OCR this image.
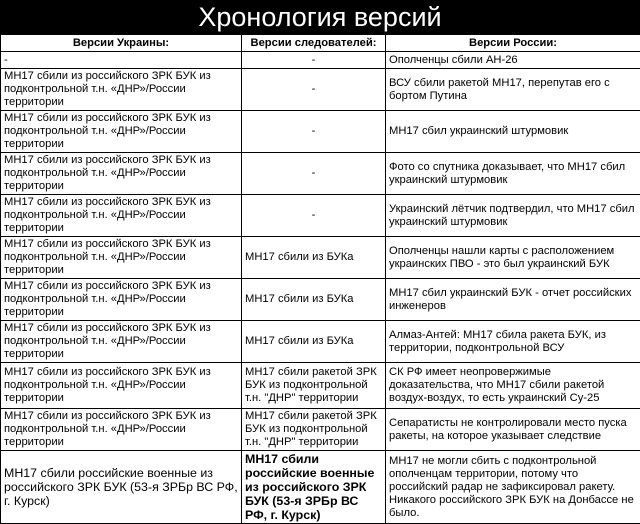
Хронология версий
Версии Украины:	Версии следователей:	Версии России:
-	-	Ополченцы сбили АН-26
MH17 сбили из российского ЗРК БУК из подконтрольной т.н. «ДНР»/России территории	-	ВСУ сбили ракетой MH17, перепутав его с бортом Путина
MH17 сбили из российского ЗРК БУК из подконтрольной т.н. «ДНР»/России территории	-	MH17 сбил украинский штурмовик
MH17 сбили из российского ЗРК БУК из подконтрольной т.н. «ДНР»/России территории	-	Фото со спутника доказывает, что MH17 сбил украинский штурмовик
MH17 сбили из российского ЗРК БУК из подконтрольной т.н. «ДНР»/России территории	-	Украинский лётчик подтвердил, что MH17 сбил украинский штурмовик
MH17 сбили из российского ЗРК БУК из подконтрольной т.н. «ДНР»/России территории	MH17 сбили из БУКа	Ополченцы нашли карты с расположением украинских ПВО - это был украинский БУК
MH17 сбили из российского ЗРК БУК из подконтрольной т.н. «ДНР»/России территории	MH17 сбили из БУКа	MH17 сбил украинский БУК - отчет российских инженеров
MH17 сбили из российского ЗРК БУК из подконтрольной т.н. «ДНР»/России территории	MH17 сбили из БУКа	Алмаз-Антей: MH17 сбила ракета БУК, из территории, подконтрольной ВСУ
MH17 сбили из российского ЗРК БУК из подконтрольной т.н. «ДНР»/России территории	MH17 сбили ракетой ЗРК БУК из подконтрольной т.н. "ДНР" территории	СК РФ имеет неопровержимые доказательства, что MH17 сбили ракетой воздух-воздух, то есть украинский Су-25
MH17 сбили из российского ЗРК БУК из подконтрольной т.н. «ДНР»/России территории	MH17 сбили ракетой ЗРК БУК из подконтрольной т.н. "ДНР" территории	Сепаратисты не контролировали место пуска ракеты, на которое указывает следствие
MH17 сбили российские военные из российского ЗРК БУК (53-я ЗРБр ВС РФ, г. Курск)	MH17 сбили российские военные из российского ЗРК БУК (53-я ЗРБр ВС РФ, г. Курск)	MH17 не могли сбить с подконтрольной ополченцам территории, потому что российский радар не зафиксировал ракету. Никакого российского ЗРК БУК на Донбассе не было.
